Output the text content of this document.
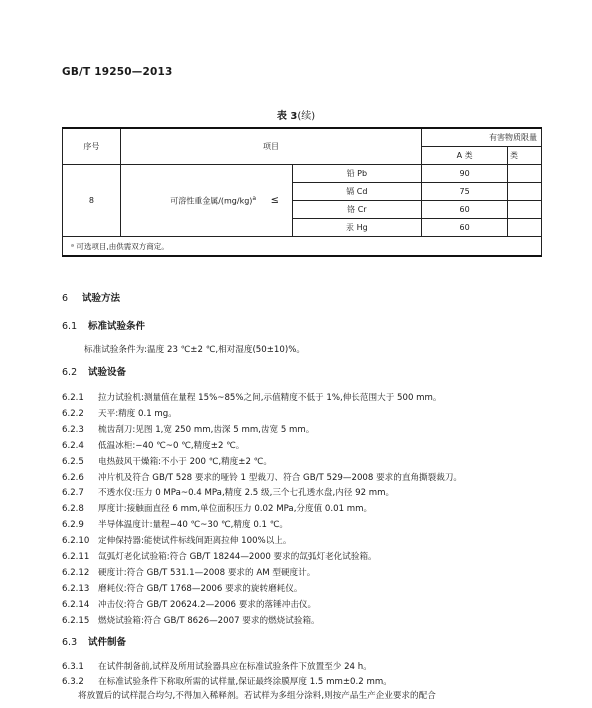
GB/T 19250—2013
表 3(续)
序号	项目			有害物质限量	
				A 类	类
8	可溶性重金属$/(mg/kg)^a$	≤	铅 Pb	90	
			镉 Cd	75	
			铬 Cr	60	
			汞 Hg	60	
ᵃ 可选项目,由供需双方商定。					
6 试验方法
6.1 标准试验条件
标准试验条件为:温度 23 ℃±2 ℃,相对湿度(50±10)%。
6.2 试验设备
6.2.1 拉力试验机:测量值在量程 15%~85%之间,示值精度不低于 1%,伸长范围大于 500 mm。
6.2.2 天平:精度 0.1 mg。
6.2.3 梳齿刮刀:见图 1,宽 250 mm,齿深 5 mm,齿宽 5 mm。
6.2.4 低温冰柜:−40 ℃~0 ℃,精度±2 ℃。
6.2.5 电热鼓风干燥箱:不小于 200 ℃,精度±2 ℃。
6.2.6 冲片机及符合 GB/T 528 要求的哑铃 1 型裁刀、符合 GB/T 529—2008 要求的直角撕裂裁刀。
6.2.7 不透水仪:压力 0 MPa~0.4 MPa,精度 2.5 级,三个七孔透水盘,内径 92 mm。
6.2.8 厚度计:接触面直径 6 mm,单位面积压力 0.02 MPa,分度值 0.01 mm。
6.2.9 半导体温度计:量程−40 ℃~30 ℃,精度 0.1 ℃。
6.2.10 定伸保持器:能使试件标线间距离拉伸 100%以上。
6.2.11 氙弧灯老化试验箱:符合 GB/T 18244—2000 要求的氙弧灯老化试验箱。
6.2.12 硬度计:符合 GB/T 531.1—2008 要求的 AM 型硬度计。
6.2.13 磨耗仪:符合 GB/T 1768—2006 要求的旋转磨耗仪。
6.2.14 冲击仪:符合 GB/T 20624.2—2006 要求的落锤冲击仪。
6.2.15 燃烧试验箱:符合 GB/T 8626—2007 要求的燃烧试验箱。
6.3 试件制备
6.3.1 在试件制备前,试样及所用试验器具应在标准试验条件下放置至少 24 h。
6.3.2 在标准试验条件下称取所需的试样量,保证最终涂膜厚度 1.5 mm±0.2 mm。
将放置后的试样混合均匀,不得加入稀释剂。若试样为多组分涂料,则按产品生产企业要求的配合
